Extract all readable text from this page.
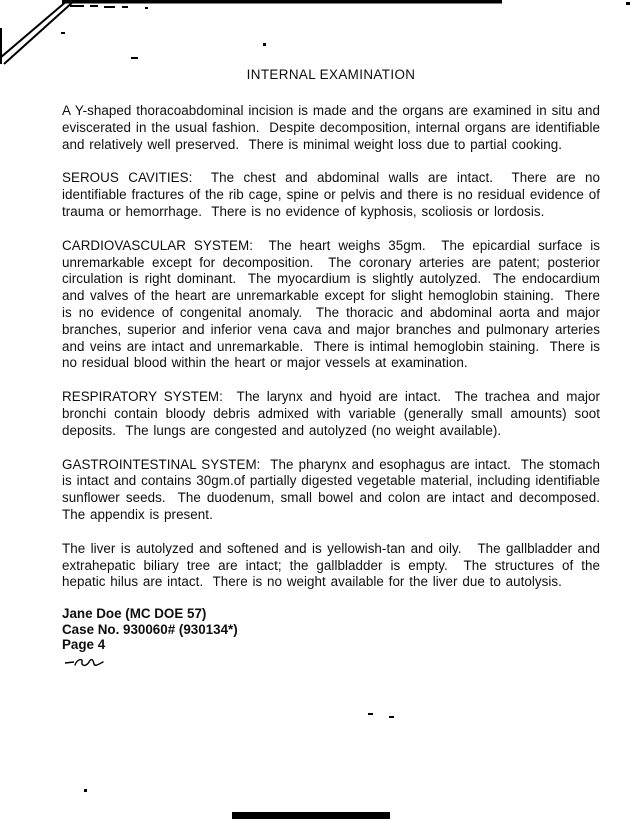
INTERNAL EXAMINATION

A Y-shaped thoracoabdominal incision is made and the organs are examined in situ and eviscerated in the usual fashion.  Despite decomposition, internal organs are identifiable and relatively well preserved.  There is minimal weight loss due to partial cooking.

SEROUS CAVITIES:  The chest and abdominal walls are intact.  There are no identifiable fractures of the rib cage, spine or pelvis and there is no residual evidence of trauma or hemorrhage.  There is no evidence of kyphosis, scoliosis or lordosis.

CARDIOVASCULAR SYSTEM:  The heart weighs 35gm.  The epicardial surface is unremarkable except for decomposition.  The coronary arteries are patent; posterior circulation is right dominant.  The myocardium is slightly autolyzed.  The endocardium and valves of the heart are unremarkable except for slight hemoglobin staining.  There is no evidence of congenital anomaly.  The thoracic and abdominal aorta and major branches, superior and inferior vena cava and major branches and pulmonary arteries and veins are intact and unremarkable.  There is intimal hemoglobin staining.  There is no residual blood within the heart or major vessels at examination.

RESPIRATORY SYSTEM:  The larynx and hyoid are intact.  The trachea and major bronchi contain bloody debris admixed with variable (generally small amounts) soot deposits.  The lungs are congested and autolyzed (no weight available).

GASTROINTESTINAL SYSTEM:  The pharynx and esophagus are intact.  The stomach is intact and contains 30gm.of partially digested vegetable material, including identifiable sunflower seeds.  The duodenum, small bowel and colon are intact and decomposed.  The appendix is present.

The liver is autolyzed and softened and is yellowish-tan and oily.   The gallbladder and extrahepatic biliary tree are intact; the gallbladder is empty.  The structures of the hepatic hilus are intact.  There is no weight available for the liver due to autolysis.

Jane Doe (MC DOE 57)
Case No. 930060# (930134*)
Page 4
